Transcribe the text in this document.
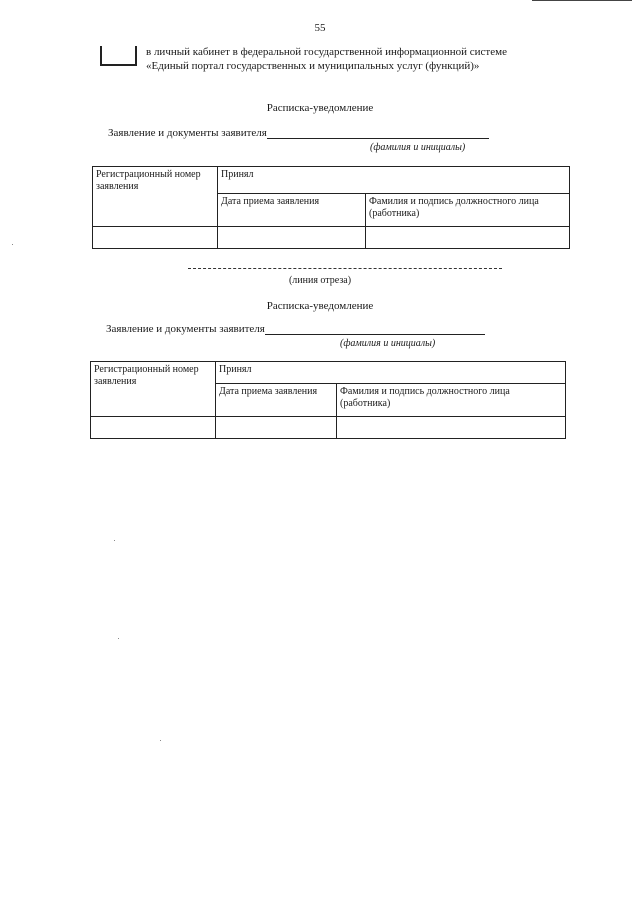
55
в личный кабинет в федеральной государственной информационной системе «Единый портал государственных и муниципальных услуг (функций)»
Расписка-уведомление
Заявление и документы заявителя
(фамилия и инициалы)
Регистрационный номер заявления	Принял	
	Дата приема заявления	Фамилия и подпись должностного лица (работника)

(линия отреза)
Расписка-уведомление
Заявление и документы заявителя
(фамилия и инициалы)
Регистрационный номер заявления	Принял	
	Дата приема заявления	Фамилия и подпись должностного лица (работника)
